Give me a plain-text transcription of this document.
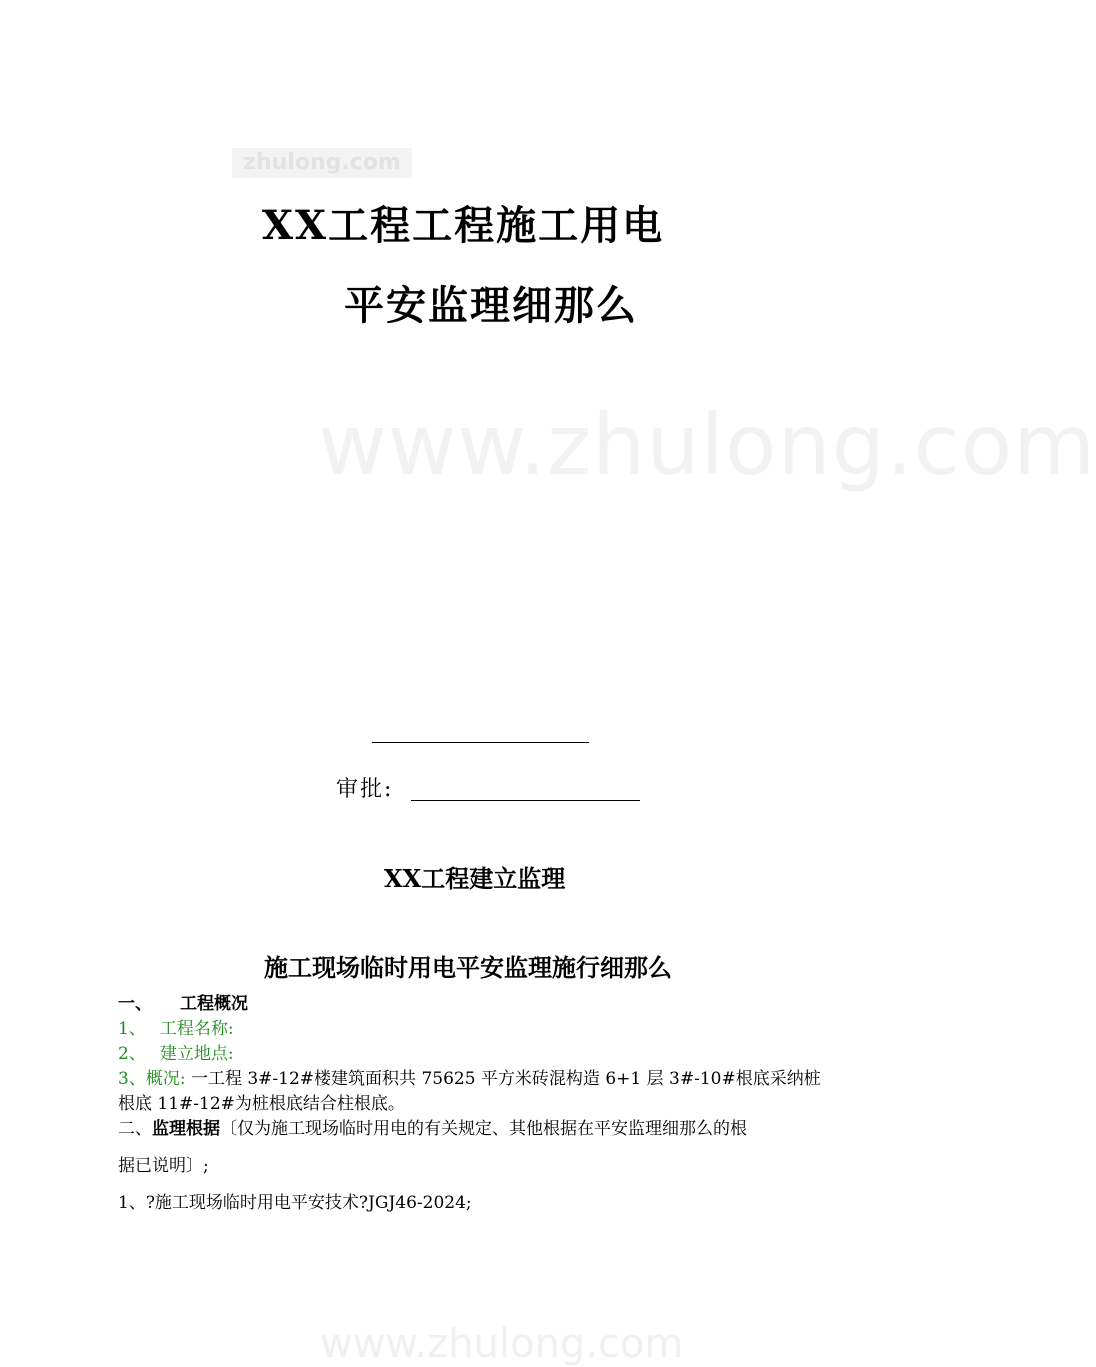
zhulong.com
www.zhulong.com
www.zhulong.com
XX工程工程施工用电
平安监理细那么
审批:
XX工程建立监理
施工现场临时用电平安监理施行细那么
一、 工程概况
1、 工程名称:
2、 建立地点:
3、概况: 一工程 3#-12#楼建筑面积共 75625 平方米砖混构造 6+1 层 3#-10#根底采纳桩
根底 11#-12#为桩根底结合柱根底。
二、监理根据〔仅为施工现场临时用电的有关规定、其他根据在平安监理细那么的根
据已说明〕;
1、?施工现场临时用电平安技术?JGJ46-2024;
